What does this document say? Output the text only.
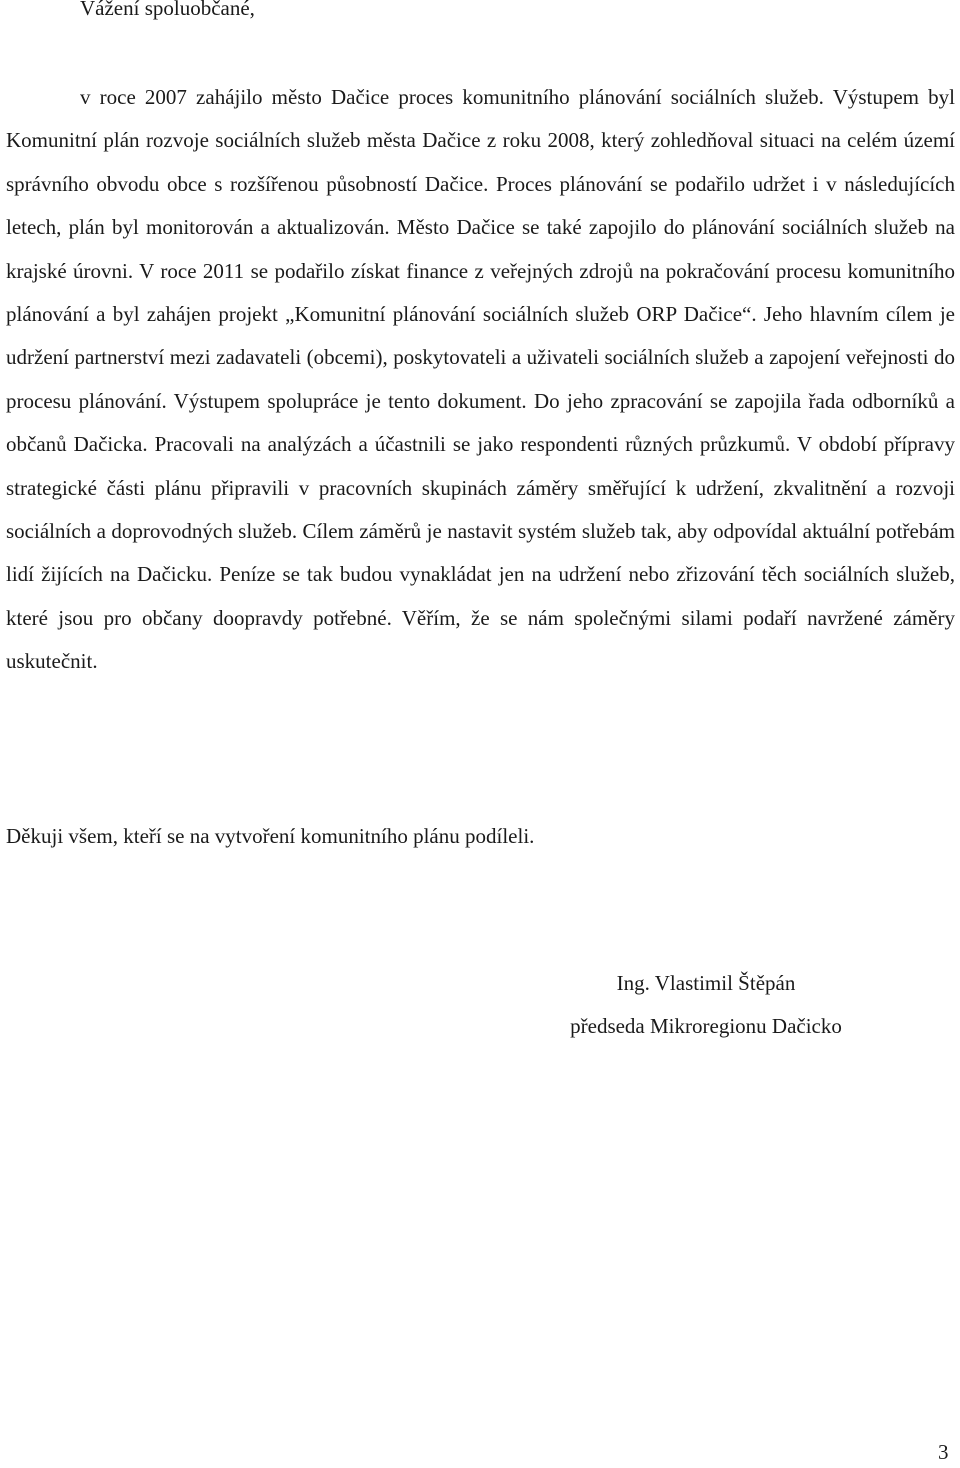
Vážení spoluobčané,

v roce 2007 zahájilo město Dačice proces komunitního plánování sociálních služeb. Výstupem byl Komunitní plán rozvoje sociálních služeb města Dačice z roku 2008, který zohledňoval situaci na celém území správního obvodu obce s rozšířenou působností Dačice. Proces plánování se podařilo udržet i v následujících letech, plán byl monitorován a aktualizován. Město Dačice se také zapojilo do plánování sociálních služeb na krajské úrovni. V roce 2011 se podařilo získat finance z veřejných zdrojů na pokračování procesu komunitního plánování a byl zahájen projekt „Komunitní plánování sociálních služeb ORP Dačice“. Jeho hlavním cílem je udržení partnerství mezi zadavateli (obcemi), poskytovateli a uživateli sociálních služeb a zapojení veřejnosti do procesu plánování. Výstupem spolupráce je tento dokument. Do jeho zpracování se zapojila řada odborníků a občanů Dačicka. Pracovali na analýzách a účastnili se jako respondenti různých průzkumů. V období přípravy strategické části plánu připravili v pracovních skupinách záměry směřující k udržení, zkvalitnění a rozvoji sociálních a doprovodných služeb. Cílem záměrů je nastavit systém služeb tak, aby odpovídal aktuální potřebám lidí žijících na Dačicku. Peníze se tak budou vynakládat jen na udržení nebo zřizování těch sociálních služeb, které jsou pro občany doopravdy potřebné. Věřím, že se nám společnými silami podaří navržené záměry uskutečnit.

Děkuji všem, kteří se na vytvoření komunitního plánu podíleli.

Ing. Vlastimil Štěpán
předseda Mikroregionu Dačicko
3
